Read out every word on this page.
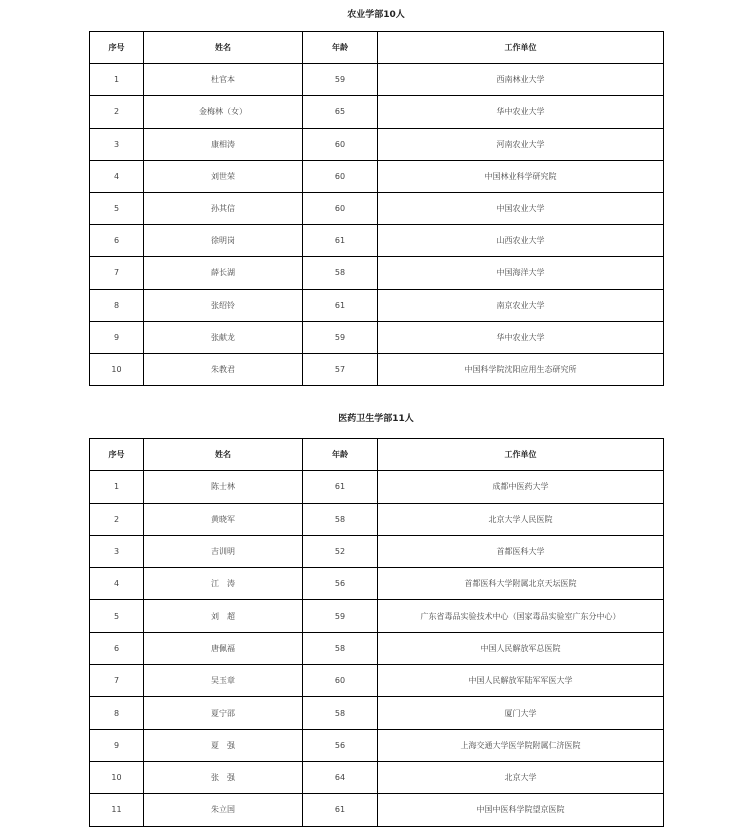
农业学部10人
序号	姓名	年龄	工作单位
1	杜官本	59	西南林业大学
2	金梅林（女）	65	华中农业大学
3	康相涛	60	河南农业大学
4	刘世荣	60	中国林业科学研究院
5	孙其信	60	中国农业大学
6	徐明岗	61	山西农业大学
7	薛长湖	58	中国海洋大学
8	张绍铃	61	南京农业大学
9	张献龙	59	华中农业大学
10	朱教君	57	中国科学院沈阳应用生态研究所
医药卫生学部11人
序号	姓名	年龄	工作单位
1	陈士林	61	成都中医药大学
2	黄晓军	58	北京大学人民医院
3	吉训明	52	首都医科大学
4	江　涛	56	首都医科大学附属北京天坛医院
5	刘　超	59	广东省毒品实验技术中心（国家毒品实验室广东分中心）
6	唐佩福	58	中国人民解放军总医院
7	吴玉章	60	中国人民解放军陆军军医大学
8	夏宁邵	58	厦门大学
9	夏　强	56	上海交通大学医学院附属仁济医院
10	张　强	64	北京大学
11	朱立国	61	中国中医科学院望京医院
